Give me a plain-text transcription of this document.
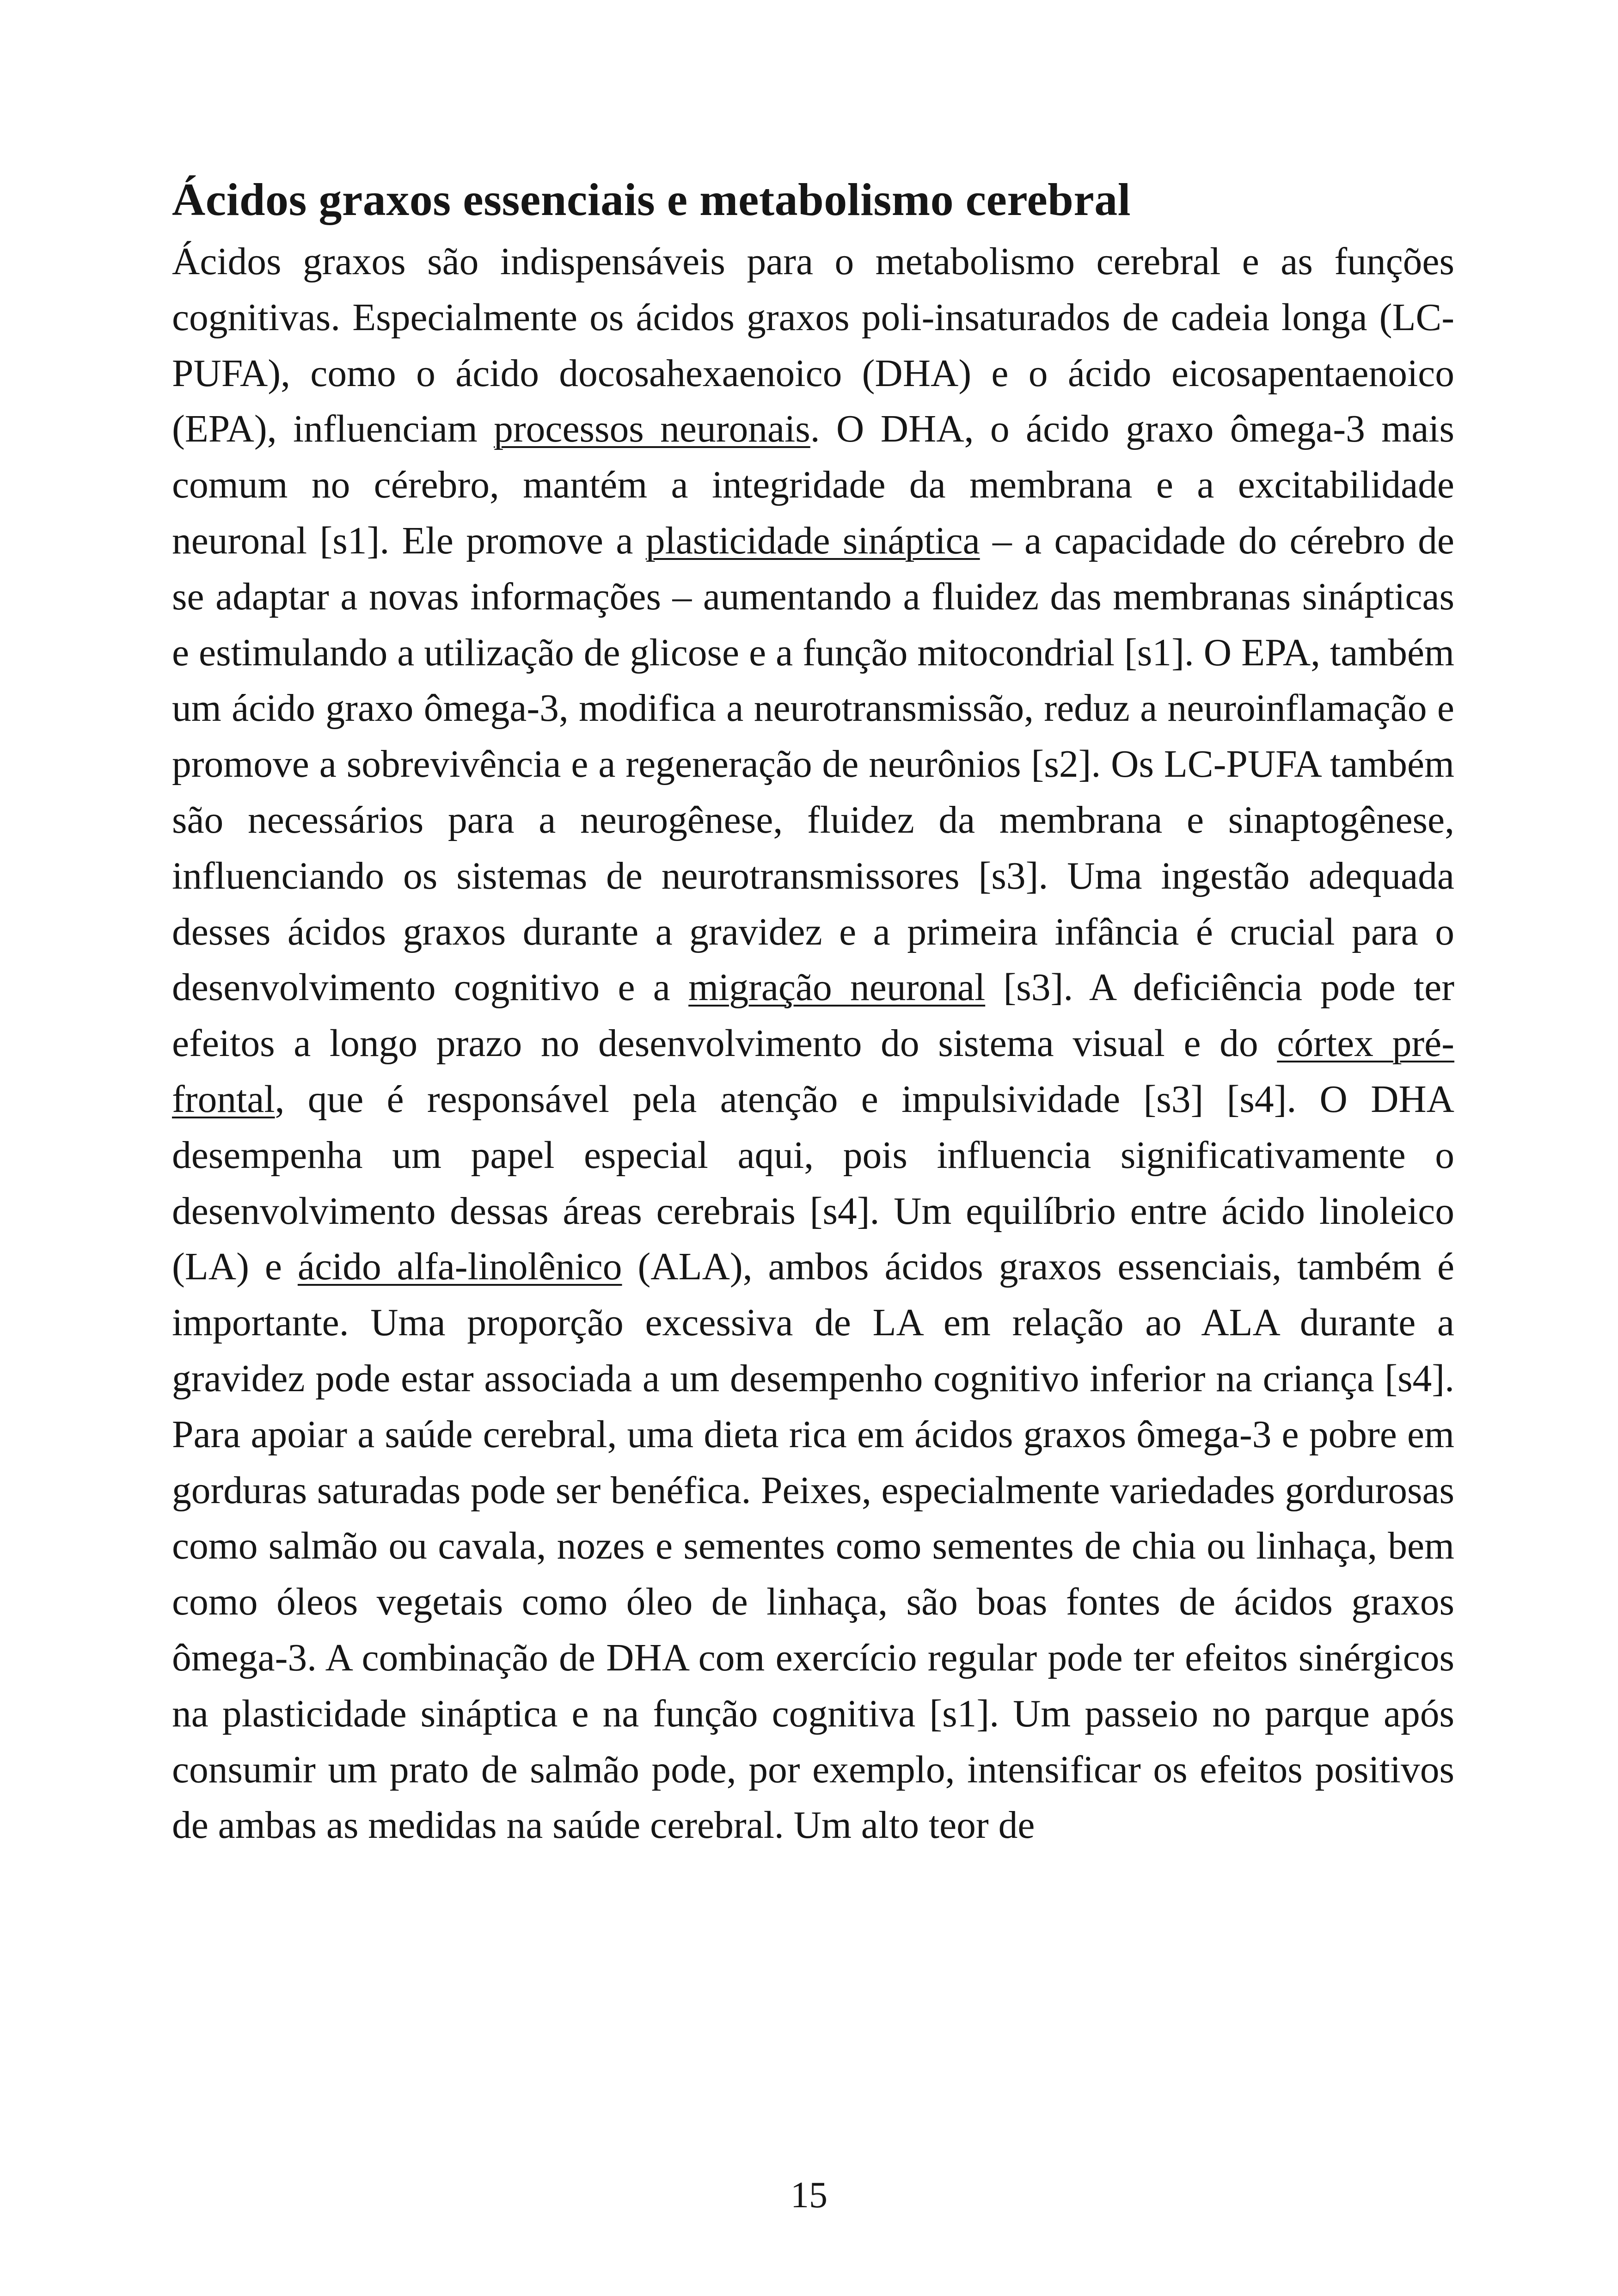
Ácidos graxos essenciais e metabolismo cerebral

Ácidos graxos são indispensáveis para o metabolismo cerebral e as funções cognitivas. Especialmente os ácidos graxos poli-insaturados de cadeia longa (LC-PUFA), como o ácido docosahexaenoico (DHA) e o ácido eicosapentaenoico (EPA), influenciam processos neuronais. O DHA, o ácido graxo ômega-3 mais comum no cérebro, mantém a integridade da membrana e a excitabilidade neuronal [s1]. Ele promove a plasticidade sináptica – a capacidade do cérebro de se adaptar a novas informações – aumentando a fluidez das membranas sinápticas e estimulando a utilização de glicose e a função mitocondrial [s1]. O EPA, também um ácido graxo ômega-3, modifica a neurotransmissão, reduz a neuroinflamação e promove a sobrevivência e a regeneração de neurônios [s2]. Os LC-PUFA também são necessários para a neurogênese, fluidez da membrana e sinaptogênese, influenciando os sistemas de neurotransmissores [s3]. Uma ingestão adequada desses ácidos graxos durante a gravidez e a primeira infância é crucial para o desenvolvimento cognitivo e a migração neuronal [s3]. A deficiência pode ter efeitos a longo prazo no desenvolvimento do sistema visual e do córtex pré-frontal, que é responsável pela atenção e impulsividade [s3] [s4]. O DHA desempenha um papel especial aqui, pois influencia significativamente o desenvolvimento dessas áreas cerebrais [s4]. Um equilíbrio entre ácido linoleico (LA) e ácido alfa-linolênico (ALA), ambos ácidos graxos essenciais, também é importante. Uma proporção excessiva de LA em relação ao ALA durante a gravidez pode estar associada a um desempenho cognitivo inferior na criança [s4]. Para apoiar a saúde cerebral, uma dieta rica em ácidos graxos ômega-3 e pobre em gorduras saturadas pode ser benéfica. Peixes, especialmente variedades gordurosas como salmão ou cavala, nozes e sementes como sementes de chia ou linhaça, bem como óleos vegetais como óleo de linhaça, são boas fontes de ácidos graxos ômega-3. A combinação de DHA com exercício regular pode ter efeitos sinérgicos na plasticidade sináptica e na função cognitiva [s1]. Um passeio no parque após consumir um prato de salmão pode, por exemplo, intensificar os efeitos positivos de ambas as medidas na saúde cerebral. Um alto teor de

15
